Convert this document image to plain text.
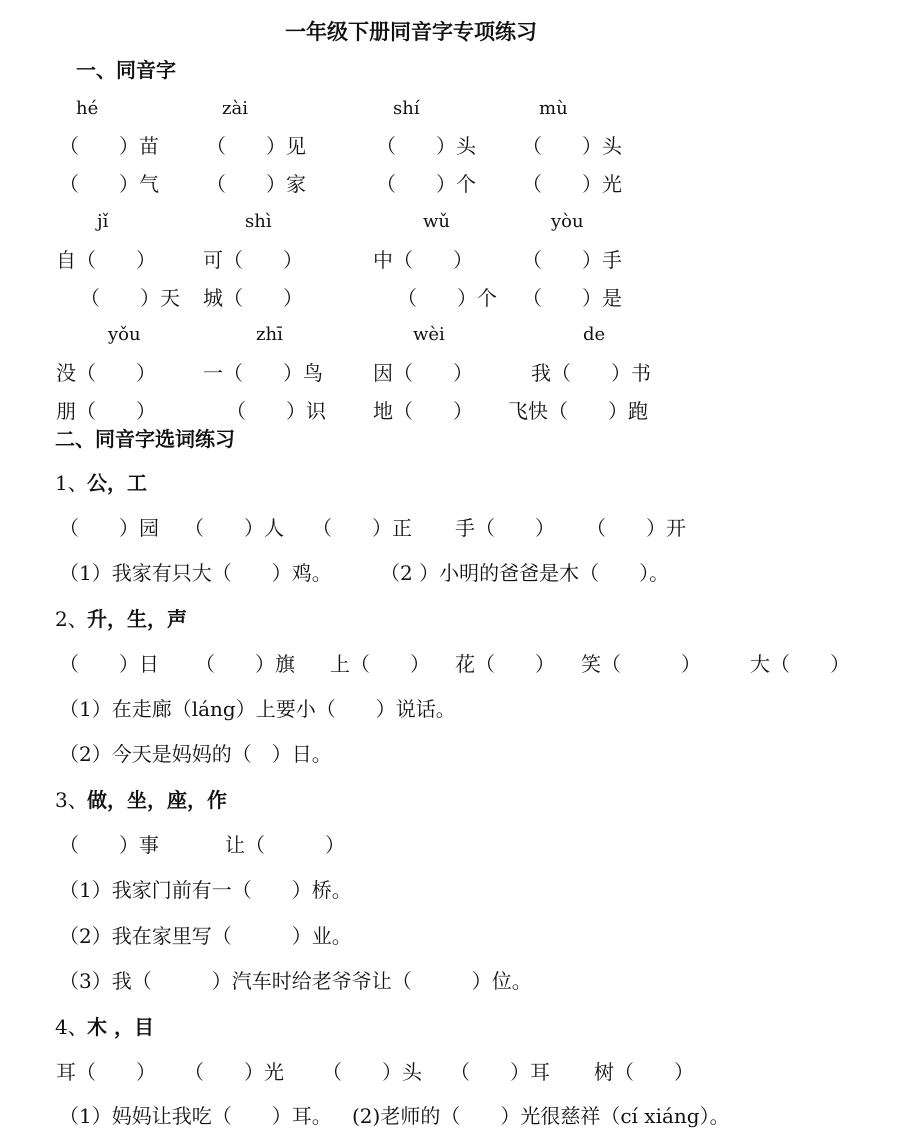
一年级下册同音字专项练习
一、同音字
hé	zài	shí	mù
（　　）苗 （　　）见	（　　）头 （　　）头
（　　）气 （　　）家	（　　）个 （　　）光
jǐ	shì	wǔ	yòu
自（　　） 可（　　）	中（　　） （　　）手
（　　）天 城（　　）	（　　）个 （　　）是
yǒu	zhī	wèi	de
没（　　） 一（　　）鸟	因（　　）	我（　　）书
朋（　　）	（　　）识 地（　　） 飞快（　　）跑
二、同音字选词练习
1、 公，工
（　　）园 （　　）人 （　　）正 手（　　） （　　）开
（1）我家有只大（　　）鸡。 （2 ）小明的爸爸是木（　　）。
2、 升，生，声
（　　）日 （　　）旗 上（　　） 花（　　） 笑（　　　） 大（　　）
（1）在走廊（láng）上要小（　　）说话。
（2）今天是妈妈的（　）日。
3、 做，坐，座，作
（　　）事	让（　　　）
（1）我家门前有一（　　）桥。
（2）我在家里写（　　　）业。
（3）我（　　　）汽车时给老爷爷让（　　　）位。
4、 木 ，目
耳（　　） （　　）光 （　　）头 （　　）耳 树（　　）
（1）妈妈让我吃（　　）耳。 (2)老师的（　　）光很慈祥（cí xiáng）。
